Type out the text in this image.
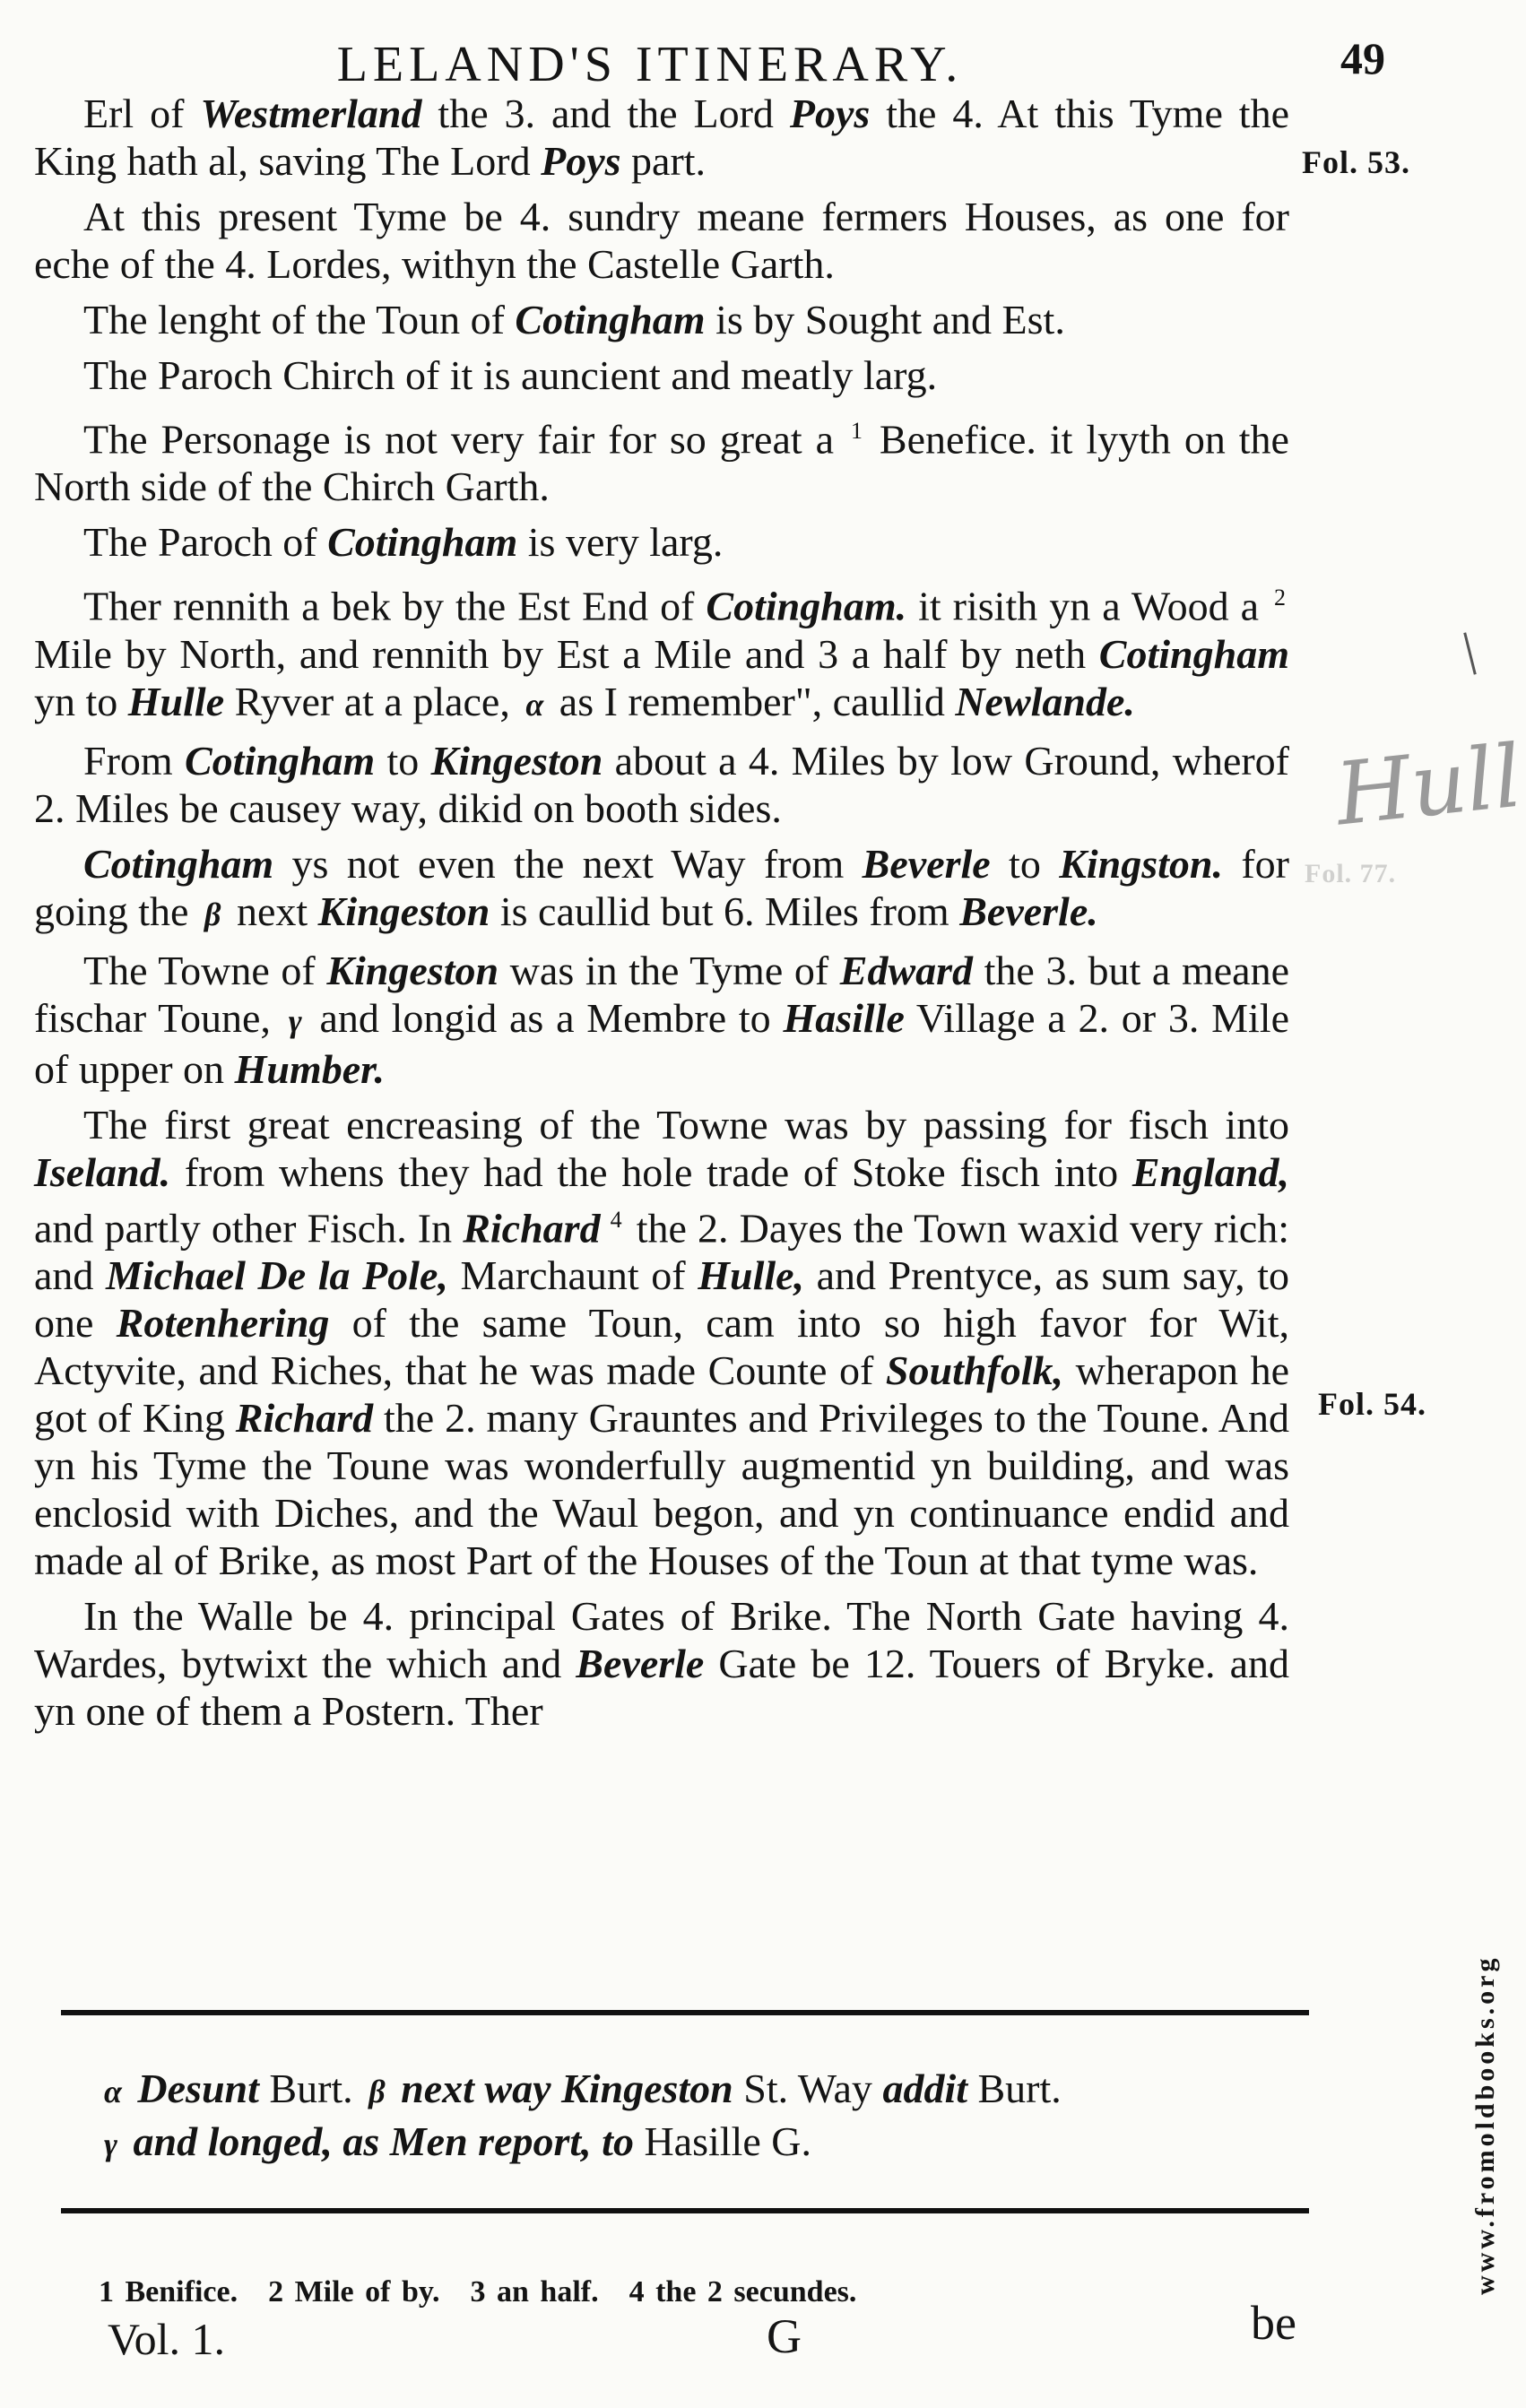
LELAND'S ITINERARY.	49
Fol. 53.
Fol. 54.
Fol. 77.
Hull

Erl of Westmerland the 3. and the Lord Poys the 4. At this Tyme the King hath al, saving The Lord Poys part.

At this present Tyme be 4. sundry meane fermers Houses, as one for eche of the 4. Lordes, withyn the Castelle Garth.

The lenght of the Toun of Cotingham is by Sought and Est.

The Paroch Chirch of it is auncient and meatly larg.

The Personage is not very fair for so great a $^1$ Benefice. it lyyth on the North side of the Chirch Garth.

The Paroch of Cotingham is very larg.

Ther rennith a bek by the Est End of Cotingham. it risith yn a Wood a $^2$ Mile by North, and rennith by Est a Mile and 3 a half by neth Cotingham yn to Hulle Ryver at a place, α as I remember", caullid Newlande.

From Cotingham to Kingeston about a 4. Miles by low Ground, wherof 2. Miles be causey way, dikid on booth sides.

Cotingham ys not even the next Way from Beverle to Kingston. for going the β next Kingeston is caullid but 6. Miles from Beverle.

The Towne of Kingeston was in the Tyme of Edward the 3. but a meane fischar Toune, γ and longid as a Membre to Hasille Village a 2. or 3. Mile of upper on Humber.

The first great encreasing of the Towne was by passing for fisch into Iseland. from whens they had the hole trade of Stoke fisch into England, and partly other Fisch. In Richard $^4$ the 2. Dayes the Town waxid very rich: and Michael De la Pole, Marchaunt of Hulle, and Prentyce, as sum say, to one Rotenhering of the same Toun, cam into so high favor for Wit, Actyvite, and Riches, that he was made Counte of Southfolk, wherapon he got of King Richard the 2. many Grauntes and Privileges to the Toune. And yn his Tyme the Toune was wonderfully augmentid yn building, and was enclosid with Diches, and the Waul begon, and yn continuance endid and made al of Brike, as most Part of the Houses of the Toun at that tyme was.

In the Walle be 4. principal Gates of Brike. The North Gate having 4. Wardes, bytwixt the which and Beverle Gate be 12. Touers of Bryke. and yn one of them a Postern. Ther

α Desunt Burt. β next way Kingeston St. Way addit Burt.
γ and longed, as Men report, to Hasille G.
1 Benifice. 2 Mile of by. 3 an half. 4 the 2 secundes.
Vol. 1.	G	be
www.fromoldbooks.org
